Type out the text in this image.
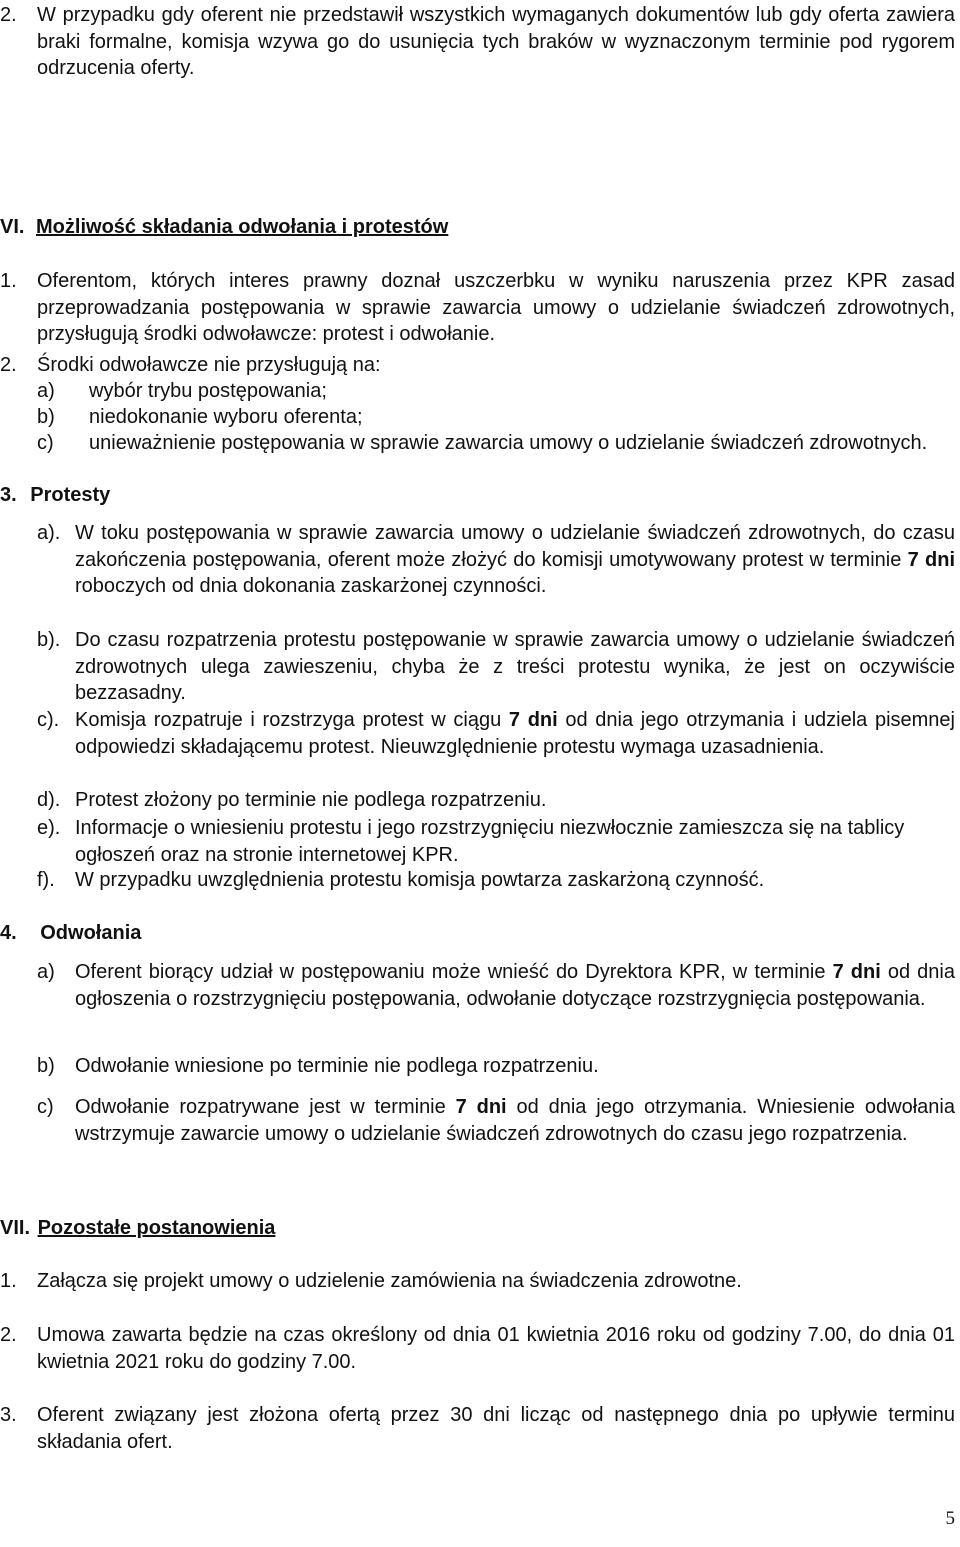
2. W przypadku gdy oferent nie przedstawił wszystkich wymaganych dokumentów lub gdy oferta zawiera braki formalne, komisja wzywa go do usunięcia tych braków w wyznaczonym terminie pod rygorem odrzucenia oferty.
VI. Możliwość składania odwołania i protestów
1. Oferentom, których interes prawny doznał uszczerbku w wyniku naruszenia przez KPR zasad przeprowadzania postępowania w sprawie zawarcia umowy o udzielanie świadczeń zdrowotnych, przysługują środki odwoławcze: protest i odwołanie.
2. Środki odwoławcze nie przysługują na:
a) wybór trybu postępowania;
b) niedokonanie wyboru oferenta;
c) unieważnienie postępowania w sprawie zawarcia umowy o udzielanie świadczeń zdrowotnych.
3. Protesty
a). W toku postępowania w sprawie zawarcia umowy o udzielanie świadczeń zdrowotnych, do czasu zakończenia postępowania, oferent może złożyć do komisji umotywowany protest w terminie 7 dni roboczych od dnia dokonania zaskarżonej czynności.
b). Do czasu rozpatrzenia protestu postępowanie w sprawie zawarcia umowy o udzielanie świadczeń zdrowotnych ulega zawieszeniu, chyba że z treści protestu wynika, że jest on oczywiście bezzasadny.
c). Komisja rozpatruje i rozstrzyga protest w ciągu 7 dni od dnia jego otrzymania i udziela pisemnej odpowiedzi składającemu protest. Nieuwzględnienie protestu wymaga uzasadnienia.
d). Protest złożony po terminie nie podlega rozpatrzeniu.
e). Informacje o wniesieniu protestu i jego rozstrzygnięciu niezwłocznie zamieszcza się na tablicy ogłoszeń oraz na stronie internetowej KPR.
f). W przypadku uwzględnienia protestu komisja powtarza zaskarżoną czynność.
4. Odwołania
a) Oferent biorący udział w postępowaniu może wnieść do Dyrektora KPR, w terminie 7 dni od dnia ogłoszenia o rozstrzygnięciu postępowania, odwołanie dotyczące rozstrzygnięcia postępowania.
b) Odwołanie wniesione po terminie nie podlega rozpatrzeniu.
c) Odwołanie rozpatrywane jest w terminie 7 dni od dnia jego otrzymania. Wniesienie odwołania wstrzymuje zawarcie umowy o udzielanie świadczeń zdrowotnych do czasu jego rozpatrzenia.
VII. Pozostałe postanowienia
1. Załącza się projekt umowy o udzielenie zamówienia na świadczenia zdrowotne.
2. Umowa zawarta będzie na czas określony od dnia 01 kwietnia 2016 roku od godziny 7.00, do dnia 01 kwietnia 2021 roku do godziny 7.00.
3. Oferent związany jest złożona ofertą przez 30 dni licząc od następnego dnia po upływie terminu składania ofert.
5
